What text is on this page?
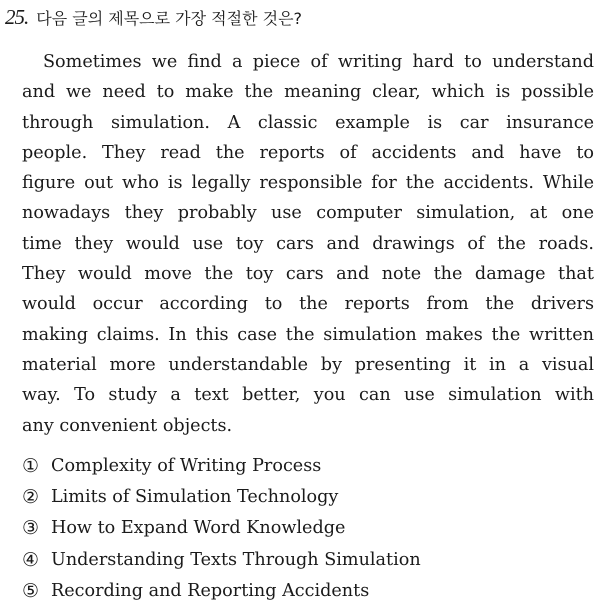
25. 다음 글의 제목으로 가장 적절한 것은?
Sometimes we find a piece of writing hard to understand
and we need to make the meaning clear, which is possible
through simulation. A classic example is car insurance
people. They read the reports of accidents and have to
figure out who is legally responsible for the accidents. While
nowadays they probably use computer simulation, at one
time they would use toy cars and drawings of the roads.
They would move the toy cars and note the damage that
would occur according to the reports from the drivers
making claims. In this case the simulation makes the written
material more understandable by presenting it in a visual
way. To study a text better, you can use simulation with
any convenient objects.
① Complexity of Writing Process
② Limits of Simulation Technology
③ How to Expand Word Knowledge
④ Understanding Texts Through Simulation
⑤ Recording and Reporting Accidents
